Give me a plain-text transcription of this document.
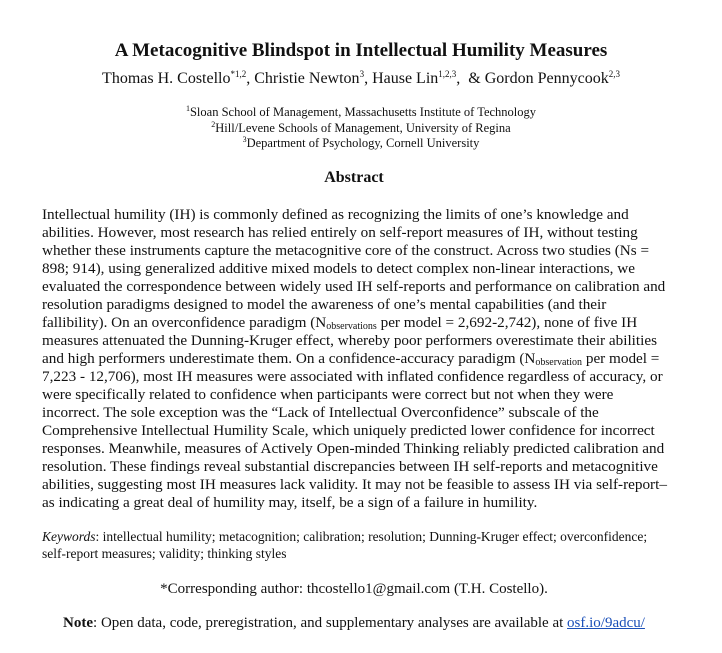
A Metacognitive Blindspot in Intellectual Humility Measures
Thomas H. Costello$^{*1,2}$, Christie Newton$^3$, Hause Lin$^{1,2,3}$,  & Gordon Pennycook$^{2,3}$
$^1$Sloan School of Management, Massachusetts Institute of Technology
$^2$Hill/Levene Schools of Management, University of Regina
$^3$Department of Psychology, Cornell University
Abstract
Intellectual humility (IH) is commonly defined as recognizing the limits of one’s knowledge and abilities. However, most research has relied entirely on self-report measures of IH, without testing whether these instruments capture the metacognitive core of the construct. Across two studies (Ns = 898; 914), using generalized additive mixed models to detect complex non-linear interactions, we evaluated the correspondence between widely used IH self-reports and performance on calibration and resolution paradigms designed to model the awareness of one’s mental capabilities (and their fallibility). On an overconfidence paradigm ($N_{observations}$ per model = 2,692-2,742), none of five IH measures attenuated the Dunning-Kruger effect, whereby poor performers overestimate their abilities and high performers underestimate them. On a confidence-accuracy paradigm ($N_{observation}$ per model = 7,223 - 12,706), most IH measures were associated with inflated confidence regardless of accuracy, or were specifically related to confidence when participants were correct but not when they were incorrect. The sole exception was the “Lack of Intellectual Overconfidence” subscale of the Comprehensive Intellectual Humility Scale, which uniquely predicted lower confidence for incorrect responses. Meanwhile, measures of Actively Open-minded Thinking reliably predicted calibration and resolution. These findings reveal substantial discrepancies between IH self-reports and metacognitive abilities, suggesting most IH measures lack validity. It may not be feasible to assess IH via self-report–as indicating a great deal of humility may, itself, be a sign of a failure in humility.
Keywords: intellectual humility; metacognition; calibration; resolution; Dunning-Kruger effect; overconfidence; self-report measures; validity; thinking styles
*Corresponding author: thcostello1@gmail.com (T.H. Costello).
Note: Open data, code, preregistration, and supplementary analyses are available at osf.io/9adcu/
